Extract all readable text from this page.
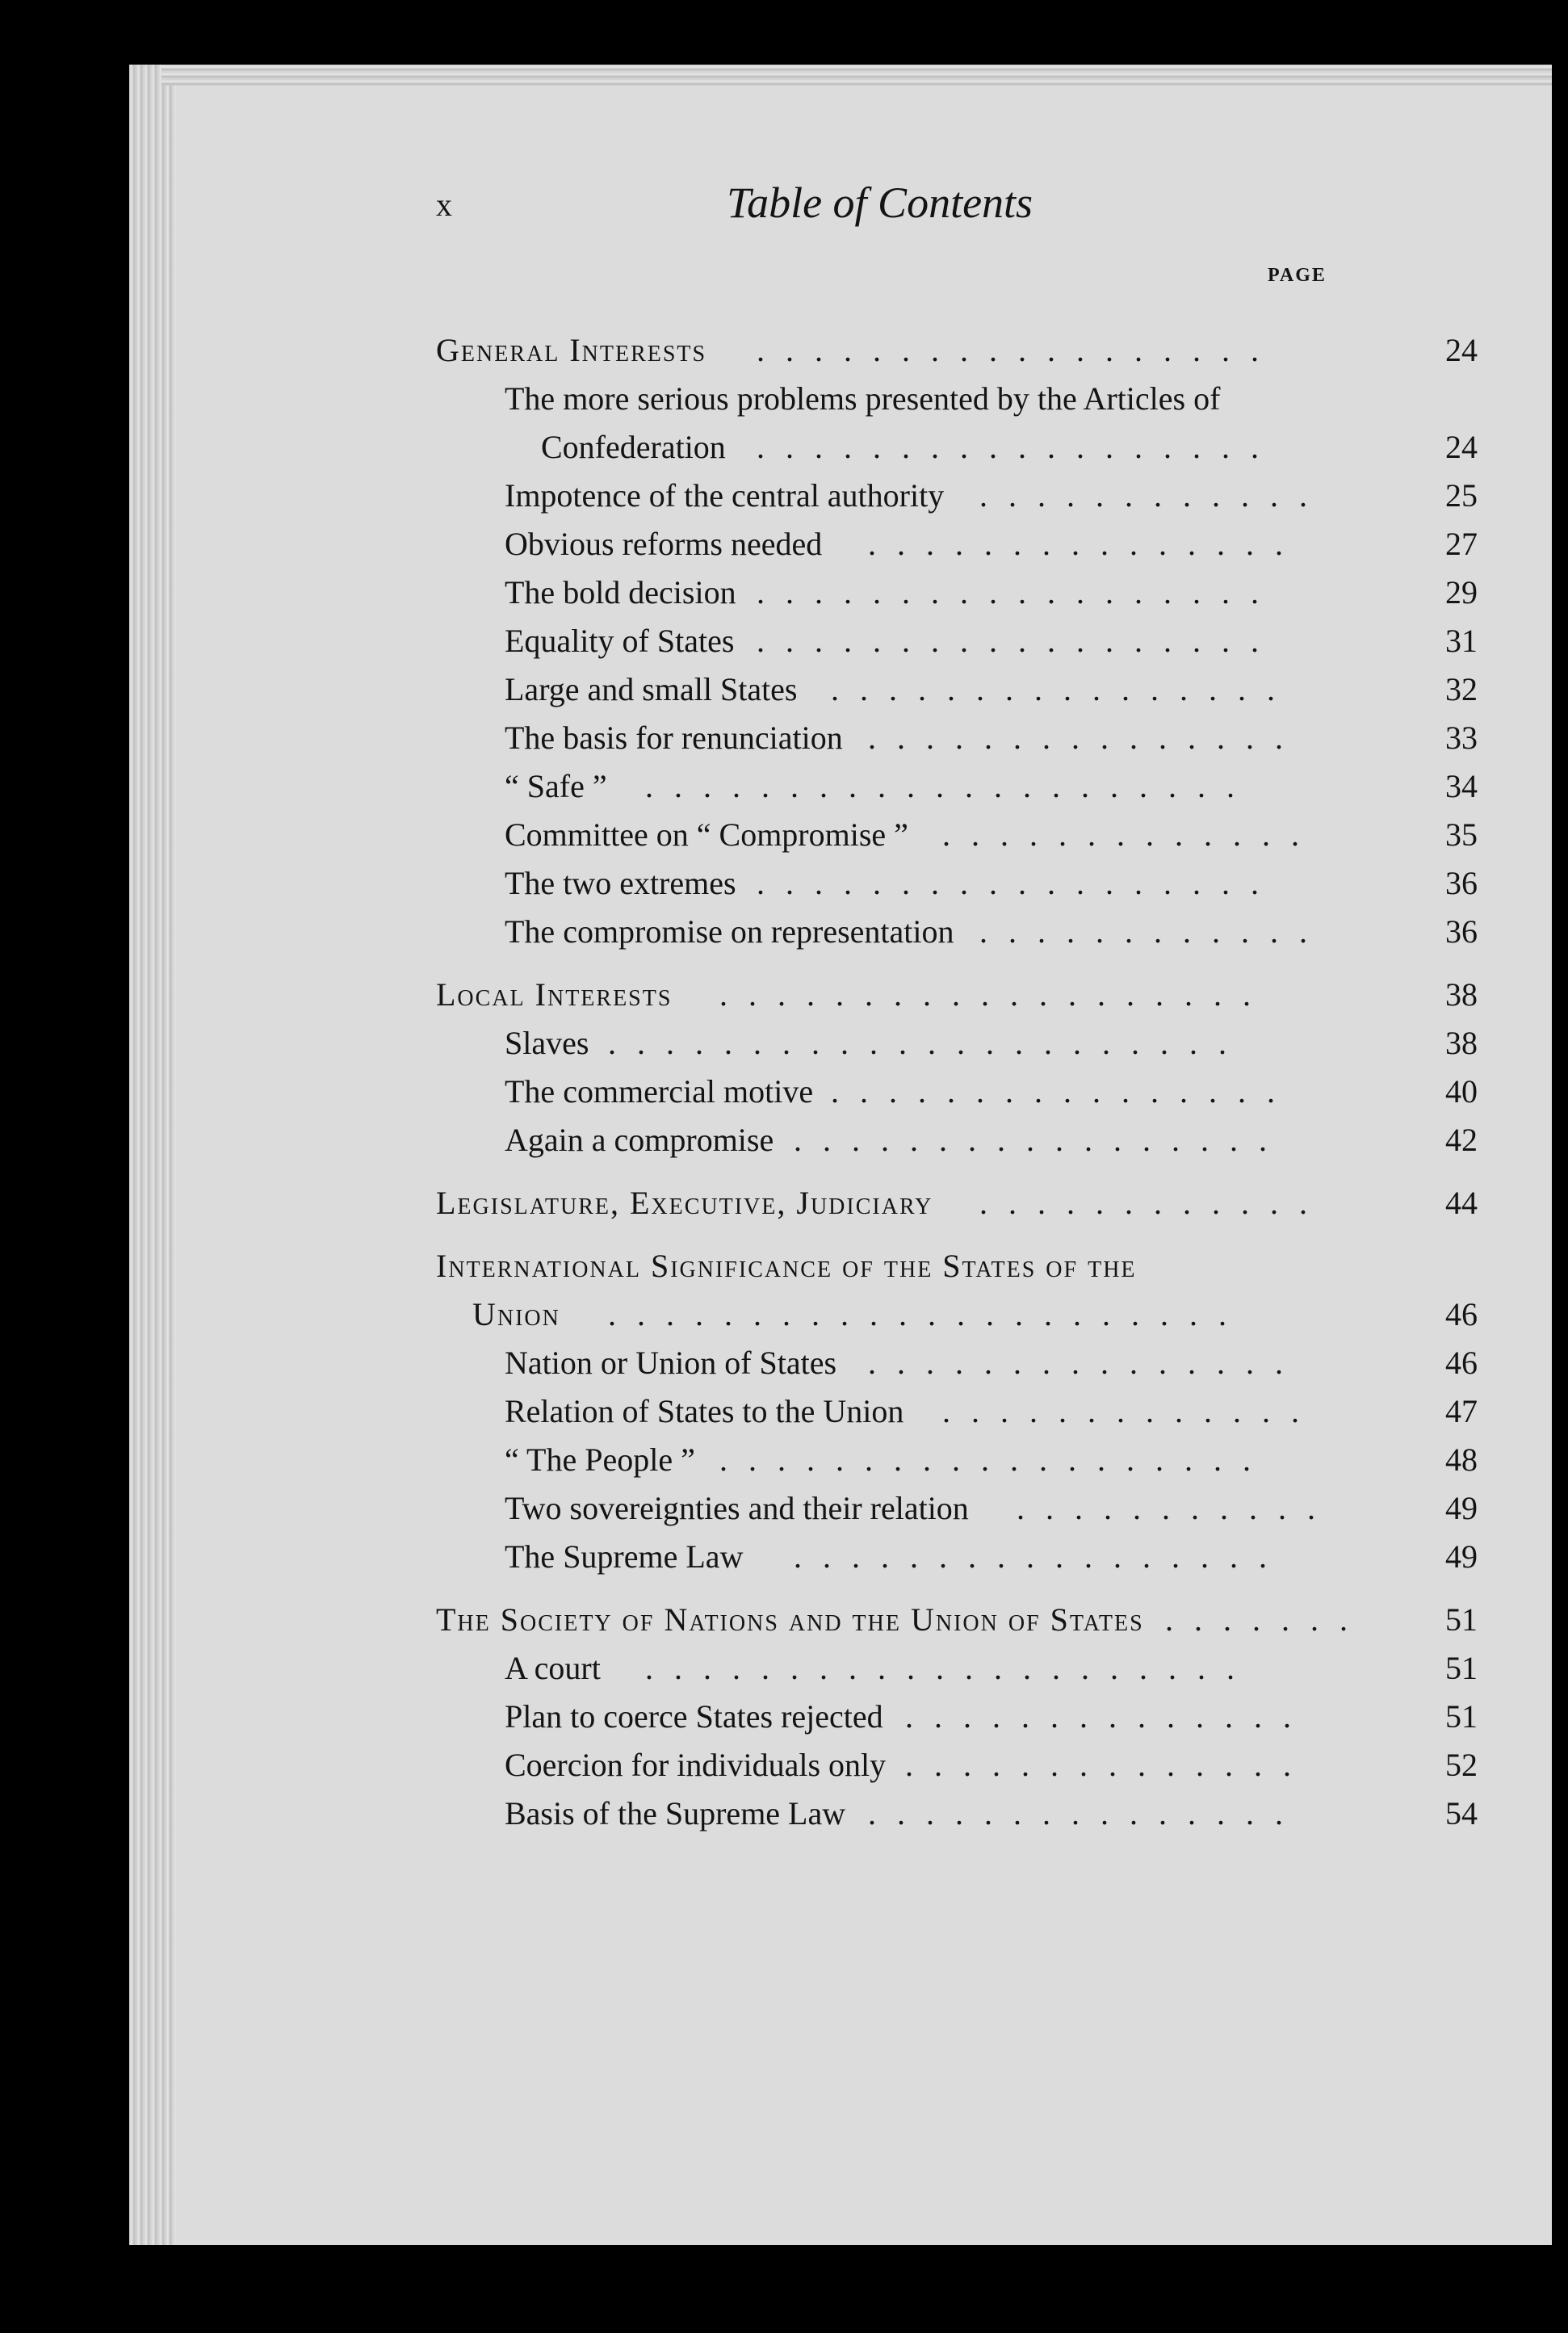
x	Table of Contents
PAGE
General Interests ..................	24
The more serious problems presented by the Articles of
Confederation ..................	24
Impotence of the central authority ............	25
Obvious reforms needed ...............	27
The bold decision ..................	29
Equality of States ..................	31
Large and small States ................	32
The basis for renunciation ...............	33
“ Safe ” .....................	34
Committee on “ Compromise ” .............	35
The two extremes ..................	36
The compromise on representation ............	36
Local Interests ...................	38
Slaves ......................	38
The commercial motive ................	40
Again a compromise .................	42
Legislature, Executive, Judiciary ............	44
International Significance of the States of the
Union ......................	46
Nation or Union of States ...............	46
Relation of States to the Union .............	47
“ The People ” ...................	48
Two sovereignties and their relation ...........	49
The Supreme Law .................	49
The Society of Nations and the Union of States ....... 51
A court .....................	51
Plan to coerce States rejected ..............	51
Coercion for individuals only ..............	52
Basis of the Supreme Law ...............	54
